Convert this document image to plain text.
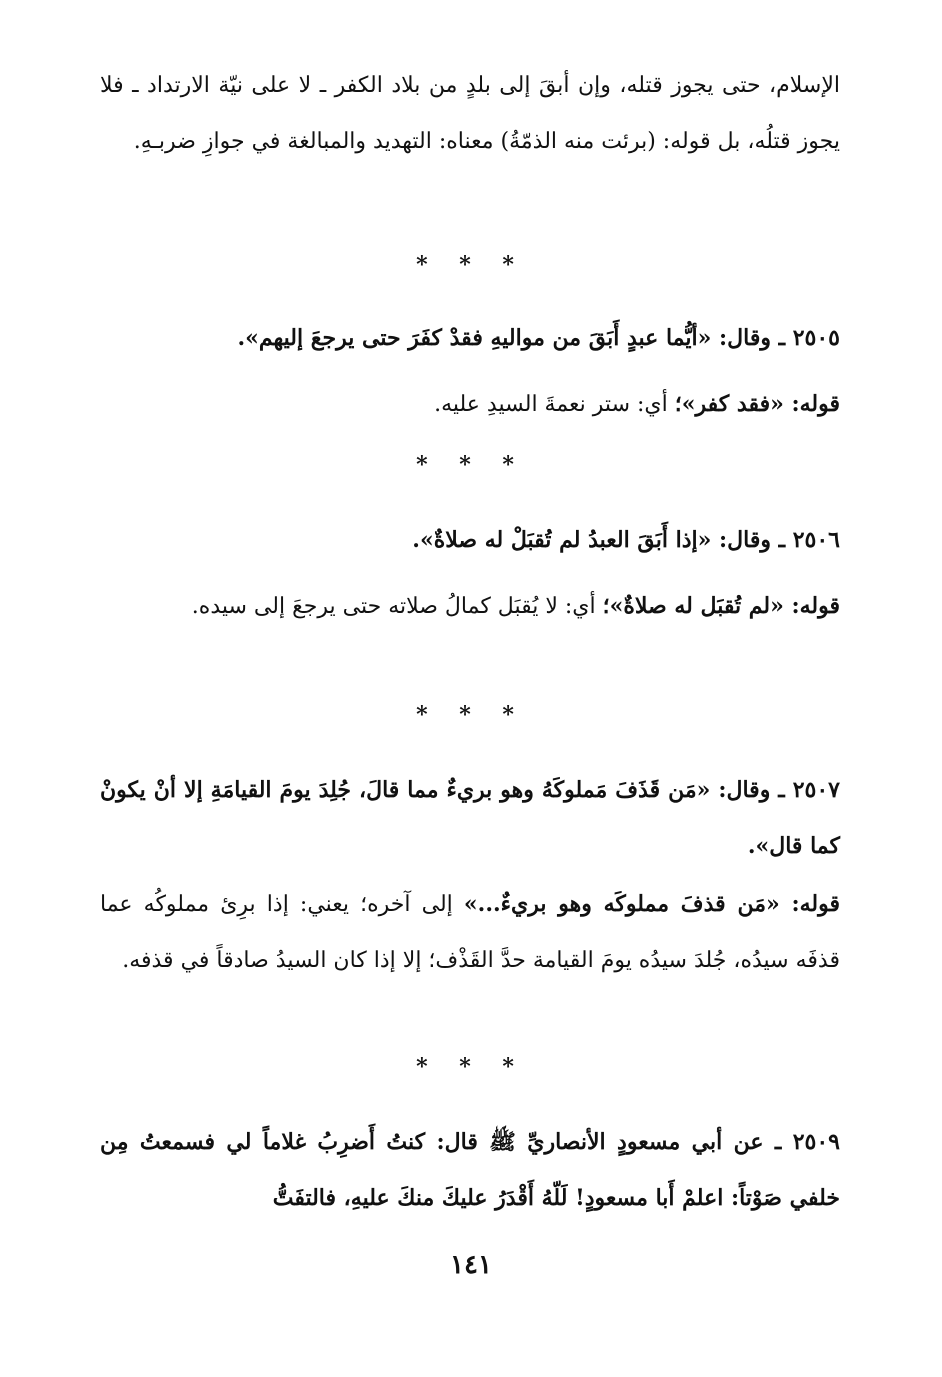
الإسلام، حتى يجوز قتله، وإن أبقَ إلى بلدٍ من بلاد الكفر ـ لا على نيّة الارتداد ـ فلا يجوز قتلُه، بل قوله: (برئت منه الذمّةُ) معناه: التهديد والمبالغة في جوازِ ضربـهِ.

* * *

٢٥٠٥ ـ وقال: «أيُّما عبدٍ أَبَقَ من مواليهِ فقدْ كفَرَ حتى يرجعَ إليهم».

قوله: «فقد كفر»؛ أي: ستر نعمةَ السيدِ عليه.

* * *

٢٥٠٦ ـ وقال: «إذا أَبَقَ العبدُ لم تُقبَلْ له صلاةٌ».

قوله: «لم تُقبَل له صلاةٌ»؛ أي: لا يُقبَل كمالُ صلاته حتى يرجعَ إلى سيده.

* * *

٢٥٠٧ ـ وقال: «مَن قَذَفَ مَملوكَهُ وهو بريءٌ مما قالَ، جُلِدَ يومَ القيامَةِ إلا أنْ يكونْ كما قال».

قوله: «مَن قذفَ مملوكَه وهو بريءٌ...» إلى آخره؛ يعني: إذا برِئ مملوكُه عما قذفَه سيدُه، جُلدَ سيدُه يومَ القيامة حدَّ القَذْف؛ إلا إذا كان السيدُ صادقاً في قذفه.

* * *

٢٥٠٩ ـ عن أبي مسعودٍ الأنصاريِّ ﷺ قال: كنتُ أَضرِبُ غلاماً لي فسمعتُ مِن خلفي صَوْتاً: اعلمْ أَبا مسعودٍ! لَلّهُ أَقْدَرُ عليكَ منكَ عليهِ، فالتفَتُّ

١٤١
